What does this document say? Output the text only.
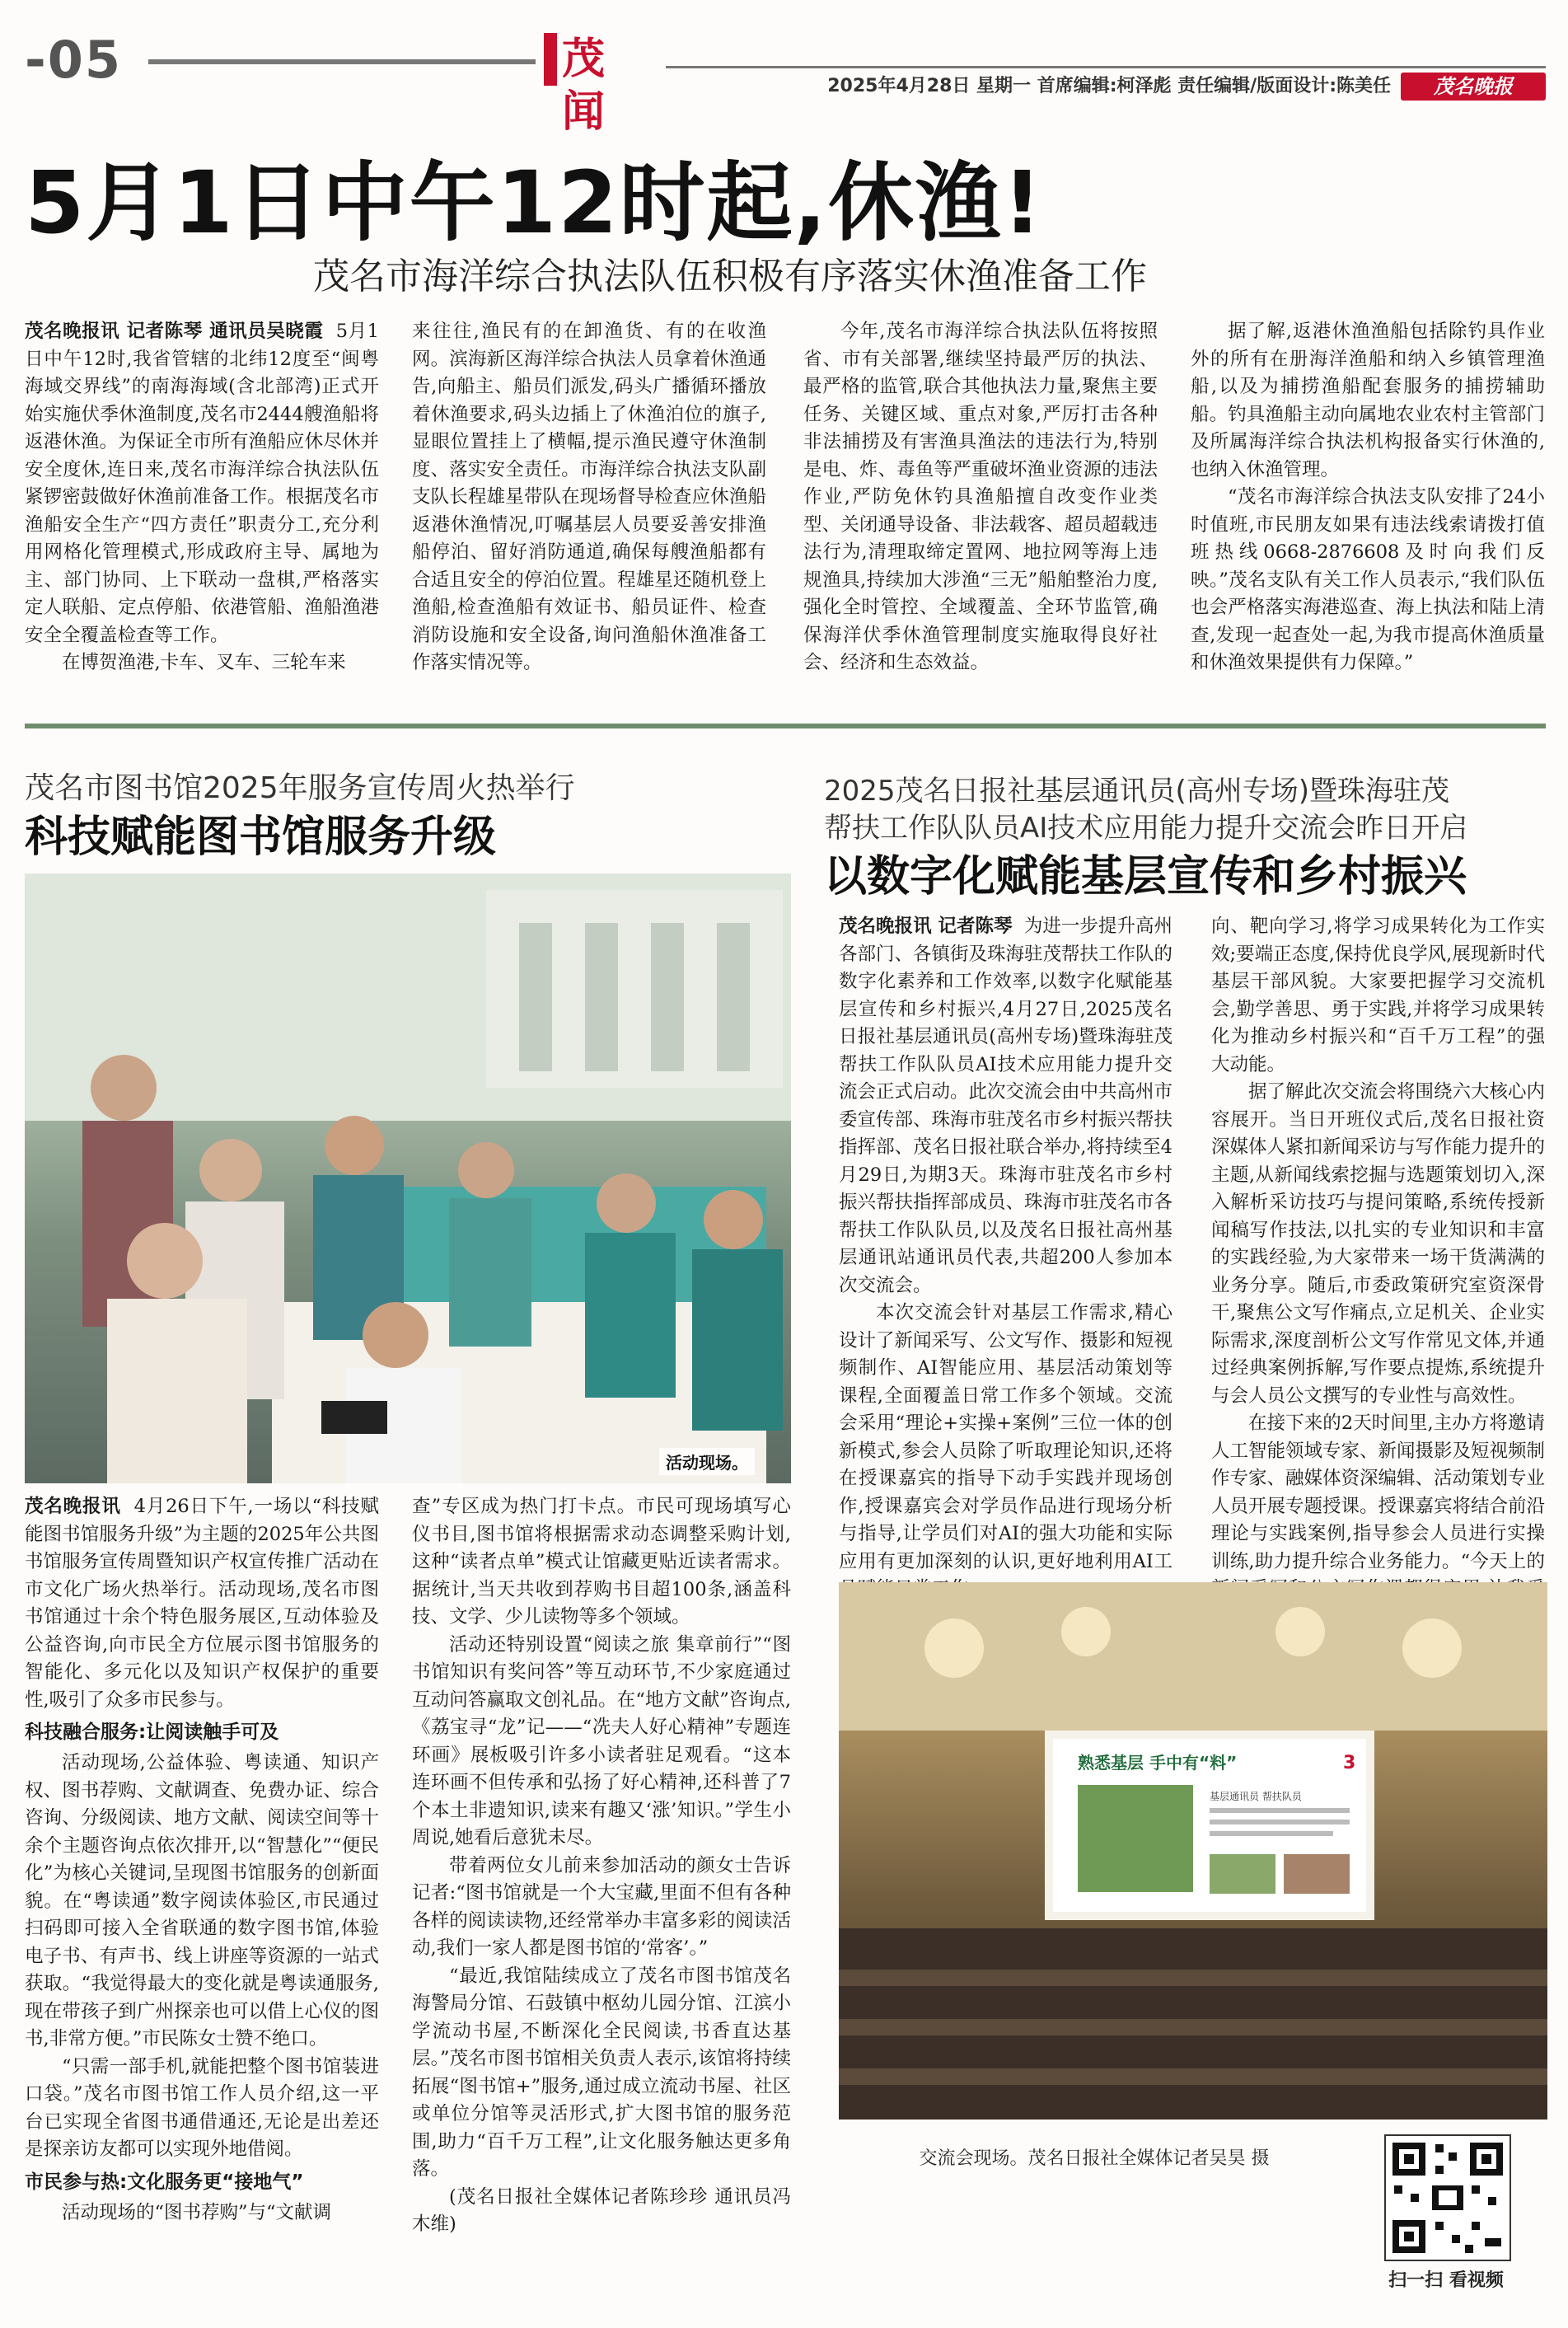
-05	茂闻
2025年4月28日 星期一 首席编辑:柯泽彪 责任编辑/版面设计:陈美任	茂名晚报
5月1日中午12时起,休渔!
茂名市海洋综合执法队伍积极有序落实休渔准备工作

茂名晚报讯 记者陈琴 通讯员吴晓霞 5月1日中午12时,我省管辖的北纬12度至“闽粤海域交界线”的南海海域(含北部湾)正式开始实施伏季休渔制度,茂名市2444艘渔船将返港休渔。为保证全市所有渔船应休尽休并安全度休,连日来,茂名市海洋综合执法队伍紧锣密鼓做好休渔前准备工作。根据茂名市渔船安全生产“四方责任”职责分工,充分利用网格化管理模式,形成政府主导、属地为主、部门协同、上下联动一盘棋,严格落实定人联船、定点停船、依港管船、渔船渔港安全全覆盖检查等工作。

在博贺渔港,卡车、叉车、三轮车来

来往往,渔民有的在卸渔货、有的在收渔网。滨海新区海洋综合执法人员拿着休渔通告,向船主、船员们派发,码头广播循环播放着休渔要求,码头边插上了休渔泊位的旗子,显眼位置挂上了横幅,提示渔民遵守休渔制度、落实安全责任。市海洋综合执法支队副支队长程雄星带队在现场督导检查应休渔船返港休渔情况,叮嘱基层人员要妥善安排渔船停泊、留好消防通道,确保每艘渔船都有合适且安全的停泊位置。程雄星还随机登上渔船,检查渔船有效证书、船员证件、检查消防设施和安全设备,询问渔船休渔准备工作落实情况等。

今年,茂名市海洋综合执法队伍将按照省、市有关部署,继续坚持最严厉的执法、最严格的监管,联合其他执法力量,聚焦主要任务、关键区域、重点对象,严厉打击各种非法捕捞及有害渔具渔法的违法行为,特别是电、炸、毒鱼等严重破坏渔业资源的违法作业,严防免休钓具渔船擅自改变作业类型、关闭通导设备、非法载客、超员超载违法行为,清理取缔定置网、地拉网等海上违规渔具,持续加大涉渔“三无”船舶整治力度,强化全时管控、全域覆盖、全环节监管,确保海洋伏季休渔管理制度实施取得良好社会、经济和生态效益。

据了解,返港休渔渔船包括除钓具作业外的所有在册海洋渔船和纳入乡镇管理渔船,以及为捕捞渔船配套服务的捕捞辅助船。钓具渔船主动向属地农业农村主管部门及所属海洋综合执法机构报备实行休渔的,也纳入休渔管理。

“茂名市海洋综合执法支队安排了24小时值班,市民朋友如果有违法线索请拨打值班热线0668-2876608及时向我们反映。”茂名支队有关工作人员表示,“我们队伍也会严格落实海港巡查、海上执法和陆上清查,发现一起查处一起,为我市提高休渔质量和休渔效果提供有力保障。”

茂名市图书馆2025年服务宣传周火热举行
科技赋能图书馆服务升级
活动现场。

茂名晚报讯 4月26日下午,一场以“科技赋能图书馆服务升级”为主题的2025年公共图书馆服务宣传周暨知识产权宣传推广活动在市文化广场火热举行。活动现场,茂名市图书馆通过十余个特色服务展区,互动体验及公益咨询,向市民全方位展示图书馆服务的智能化、多元化以及知识产权保护的重要性,吸引了众多市民参与。

科技融合服务:让阅读触手可及

活动现场,公益体验、粤读通、知识产权、图书荐购、文献调查、免费办证、综合咨询、分级阅读、地方文献、阅读空间等十余个主题咨询点依次排开,以“智慧化”“便民化”为核心关键词,呈现图书馆服务的创新面貌。在“粤读通”数字阅读体验区,市民通过扫码即可接入全省联通的数字图书馆,体验电子书、有声书、线上讲座等资源的一站式获取。“我觉得最大的变化就是粤读通服务,现在带孩子到广州探亲也可以借上心仪的图书,非常方便。”市民陈女士赞不绝口。

“只需一部手机,就能把整个图书馆装进口袋。”茂名市图书馆工作人员介绍,这一平台已实现全省图书通借通还,无论是出差还是探亲访友都可以实现外地借阅。

市民参与热:文化服务更“接地气”

活动现场的“图书荐购”与“文献调

查”专区成为热门打卡点。市民可现场填写心仪书目,图书馆将根据需求动态调整采购计划,这种“读者点单”模式让馆藏更贴近读者需求。据统计,当天共收到荐购书目超100条,涵盖科技、文学、少儿读物等多个领域。

活动还特别设置“阅读之旅 集章前行”“图书馆知识有奖问答”等互动环节,不少家庭通过互动问答赢取文创礼品。在“地方文献”咨询点,《荔宝寻“龙”记——“冼夫人好心精神”专题连环画》展板吸引许多小读者驻足观看。“这本连环画不但传承和弘扬了好心精神,还科普了7个本土非遗知识,读来有趣又‘涨’知识。”学生小周说,她看后意犹未尽。

带着两位女儿前来参加活动的颜女士告诉记者:“图书馆就是一个大宝藏,里面不但有各种各样的阅读读物,还经常举办丰富多彩的阅读活动,我们一家人都是图书馆的‘常客’。”

“最近,我馆陆续成立了茂名市图书馆茂名海警局分馆、石鼓镇中枢幼儿园分馆、江滨小学流动书屋,不断深化全民阅读,书香直达基层。”茂名市图书馆相关负责人表示,该馆将持续拓展“图书馆+”服务,通过成立流动书屋、社区或单位分馆等灵活形式,扩大图书馆的服务范围,助力“百千万工程”,让文化服务触达更多角落。

(茂名日报社全媒体记者陈珍珍 通讯员冯木维)

2025茂名日报社基层通讯员(高州专场)暨珠海驻茂
帮扶工作队队员AI技术应用能力提升交流会昨日开启
以数字化赋能基层宣传和乡村振兴

茂名晚报讯 记者陈琴 为进一步提升高州各部门、各镇街及珠海驻茂帮扶工作队的数字化素养和工作效率,以数字化赋能基层宣传和乡村振兴,4月27日,2025茂名日报社基层通讯员(高州专场)暨珠海驻茂帮扶工作队队员AI技术应用能力提升交流会正式启动。此次交流会由中共高州市委宣传部、珠海市驻茂名市乡村振兴帮扶指挥部、茂名日报社联合举办,将持续至4月29日,为期3天。珠海市驻茂名市乡村振兴帮扶指挥部成员、珠海市驻茂名市各帮扶工作队队员,以及茂名日报社高州基层通讯站通讯员代表,共超200人参加本次交流会。

本次交流会针对基层工作需求,精心设计了新闻采写、公文写作、摄影和短视频制作、AI智能应用、基层活动策划等课程,全面覆盖日常工作多个领域。交流会采用“理论+实操+案例”三位一体的创新模式,参会人员除了听取理论知识,还将在授课嘉宾的指导下动手实践并现场创作,授课嘉宾会对学员作品进行现场分析与指导,让学员们对AI的强大功能和实际应用有更加深刻的认识,更好地利用AI工

向、靶向学习,将学习成果转化为工作实效;要端正态度,保持优良学风,展现新时代基层干部风貌。大家要把握学习交流机会,勤学善思、勇于实践,并将学习成果转化为推动乡村振兴和“百千万工程”的强大动能。

据了解此次交流会将围绕六大核心内容展开。当日开班仪式后,茂名日报社资深媒体人紧扣新闻采访与写作能力提升的主题,从新闻线索挖掘与选题策划切入,深入解析采访技巧与提问策略,系统传授新闻稿写作技法,以扎实的专业知识和丰富的实践经验,为大家带来一场干货满满的业务分享。随后,市委政策研究室资深骨干,聚焦公文写作痛点,立足机关、企业实际需求,深度剖析公文写作常见文体,并通过经典案例拆解,写作要点提炼,系统提升与会人员公文撰写的专业性与高效性。

在接下来的2天时间里,主办方将邀请人工智能领域专家、新闻摄影及短视频制作专家、融媒体资深编辑、活动策划专业人员开展专题授课。授课嘉宾将结合前沿理论与实践案例,指导参会人员进行实操训练,助力提升综合业务能力。“今天上的

熟悉基层 手中有“料”	3
基层通讯员 帮扶队员
交流会现场。茂名日报社全媒体记者吴昊 摄
扫一扫 看视频
